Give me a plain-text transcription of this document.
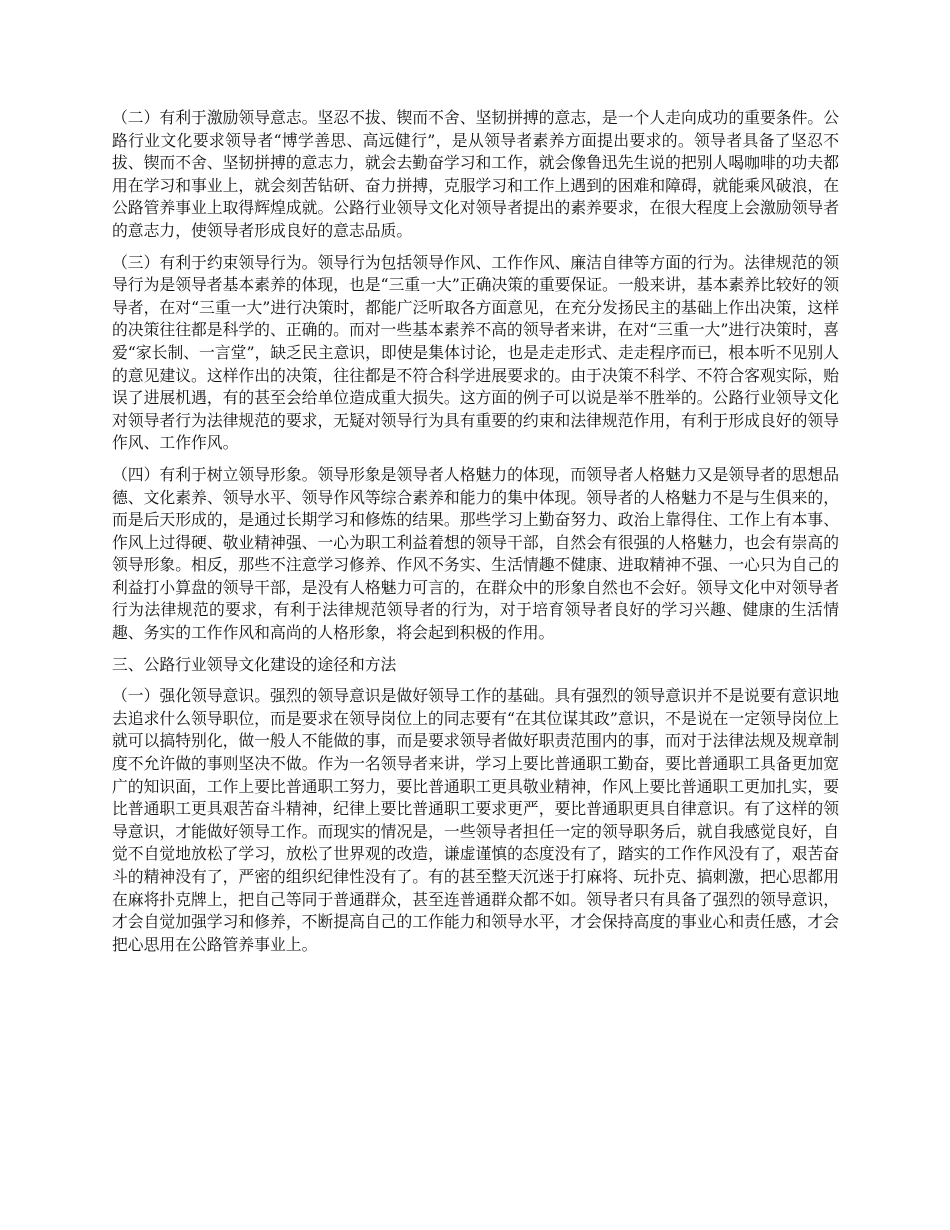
（二）有利于激励领导意志。坚忍不拔、锲而不舍、坚韧拼搏的意志，是一个人走向成功的重要条件。公路行业文化要求领导者“博学善思、高远健行”，是从领导者素养方面提出要求的。领导者具备了坚忍不拔、锲而不舍、坚韧拼搏的意志力，就会去勤奋学习和工作，就会像鲁迅先生说的把别人喝咖啡的功夫都用在学习和事业上，就会刻苦钻研、奋力拼搏，克服学习和工作上遇到的困难和障碍，就能乘风破浪，在公路管养事业上取得辉煌成就。公路行业领导文化对领导者提出的素养要求，在很大程度上会激励领导者的意志力，使领导者形成良好的意志品质。

（三）有利于约束领导行为。领导行为包括领导作风、工作作风、廉洁自律等方面的行为。法律规范的领导行为是领导者基本素养的体现，也是“三重一大”正确决策的重要保证。一般来讲，基本素养比较好的领导者，在对“三重一大”进行决策时，都能广泛听取各方面意见，在充分发扬民主的基础上作出决策，这样的决策往往都是科学的、正确的。而对一些基本素养不高的领导者来讲，在对“三重一大”进行决策时，喜爱“家长制、一言堂”，缺乏民主意识，即使是集体讨论，也是走走形式、走走程序而已，根本听不见别人的意见建议。这样作出的决策，往往都是不符合科学进展要求的。由于决策不科学、不符合客观实际，贻误了进展机遇，有的甚至会给单位造成重大损失。这方面的例子可以说是举不胜举的。公路行业领导文化对领导者行为法律规范的要求，无疑对领导行为具有重要的约束和法律规范作用，有利于形成良好的领导作风、工作作风。

（四）有利于树立领导形象。领导形象是领导者人格魅力的体现，而领导者人格魅力又是领导者的思想品德、文化素养、领导水平、领导作风等综合素养和能力的集中体现。领导者的人格魅力不是与生俱来的，而是后天形成的，是通过长期学习和修炼的结果。那些学习上勤奋努力、政治上靠得住、工作上有本事、作风上过得硬、敬业精神强、一心为职工利益着想的领导干部，自然会有很强的人格魅力，也会有崇高的领导形象。相反，那些不注意学习修养、作风不务实、生活情趣不健康、进取精神不强、一心只为自己的利益打小算盘的领导干部，是没有人格魅力可言的，在群众中的形象自然也不会好。领导文化中对领导者行为法律规范的要求，有利于法律规范领导者的行为，对于培育领导者良好的学习兴趣、健康的生活情趣、务实的工作作风和高尚的人格形象，将会起到积极的作用。

三、公路行业领导文化建设的途径和方法

（一）强化领导意识。强烈的领导意识是做好领导工作的基础。具有强烈的领导意识并不是说要有意识地去追求什么领导职位，而是要求在领导岗位上的同志要有“在其位谋其政”意识，不是说在一定领导岗位上就可以搞特别化，做一般人不能做的事，而是要求领导者做好职责范围内的事，而对于法律法规及规章制度不允许做的事则坚决不做。作为一名领导者来讲，学习上要比普通职工勤奋，要比普通职工具备更加宽广的知识面，工作上要比普通职工努力，要比普通职工更具敬业精神，作风上要比普通职工更加扎实，要比普通职工更具艰苦奋斗精神，纪律上要比普通职工要求更严，要比普通职更具自律意识。有了这样的领导意识，才能做好领导工作。而现实的情况是，一些领导者担任一定的领导职务后，就自我感觉良好，自觉不自觉地放松了学习，放松了世界观的改造，谦虚谨慎的态度没有了，踏实的工作作风没有了，艰苦奋斗的精神没有了，严密的组织纪律性没有了。有的甚至整天沉迷于打麻将、玩扑克、搞刺激，把心思都用在麻将扑克牌上，把自己等同于普通群众，甚至连普通群众都不如。领导者只有具备了强烈的领导意识，才会自觉加强学习和修养，不断提高自己的工作能力和领导水平，才会保持高度的事业心和责任感，才会把心思用在公路管养事业上。
